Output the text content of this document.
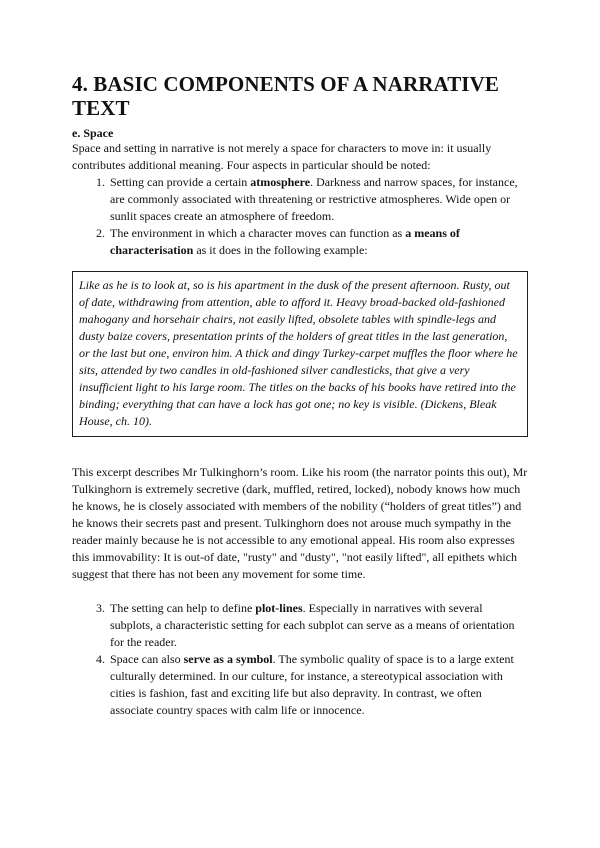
4. BASIC COMPONENTS OF A NARRATIVE TEXT
e. Space

Space and setting in narrative is not merely a space for characters to move in: it usually contributes additional meaning. Four aspects in particular should be noted:

1. Setting can provide a certain atmosphere. Darkness and narrow spaces, for instance, are commonly associated with threatening or restrictive atmospheres. Wide open or sunlit spaces create an atmosphere of freedom.
2. The environment in which a character moves can function as a means of characterisation as it does in the following example:
Like as he is to look at, so is his apartment in the dusk of the present afternoon. Rusty, out of date, withdrawing from attention, able to afford it. Heavy broad-backed old-fashioned mahogany and horsehair chairs, not easily lifted, obsolete tables with spindle-legs and dusty baize covers, presentation prints of the holders of great titles in the last generation, or the last but one, environ him. A thick and dingy Turkey-carpet muffles the floor where he sits, attended by two candles in old-fashioned silver candlesticks, that give a very insufficient light to his large room. The titles on the backs of his books have retired into the binding; everything that can have a lock has got one; no key is visible. (Dickens, Bleak House, ch. 10).

This excerpt describes Mr Tulkinghorn’s room. Like his room (the narrator points this out), Mr Tulkinghorn is extremely secretive (dark, muffled, retired, locked), nobody knows how much he knows, he is closely associated with members of the nobility (“holders of great titles”) and he knows their secrets past and present. Tulkinghorn does not arouse much sympathy in the reader mainly because he is not accessible to any emotional appeal. His room also expresses this immovability: It is out-of date, "rusty" and "dusty", "not easily lifted", all epithets which suggest that there has not been any movement for some time.

3. The setting can help to define plot-lines. Especially in narratives with several subplots, a characteristic setting for each subplot can serve as a means of orientation for the reader.
4. Space can also serve as a symbol. The symbolic quality of space is to a large extent culturally determined. In our culture, for instance, a stereotypical association with cities is fashion, fast and exciting life but also depravity. In contrast, we often associate country spaces with calm life or innocence.
